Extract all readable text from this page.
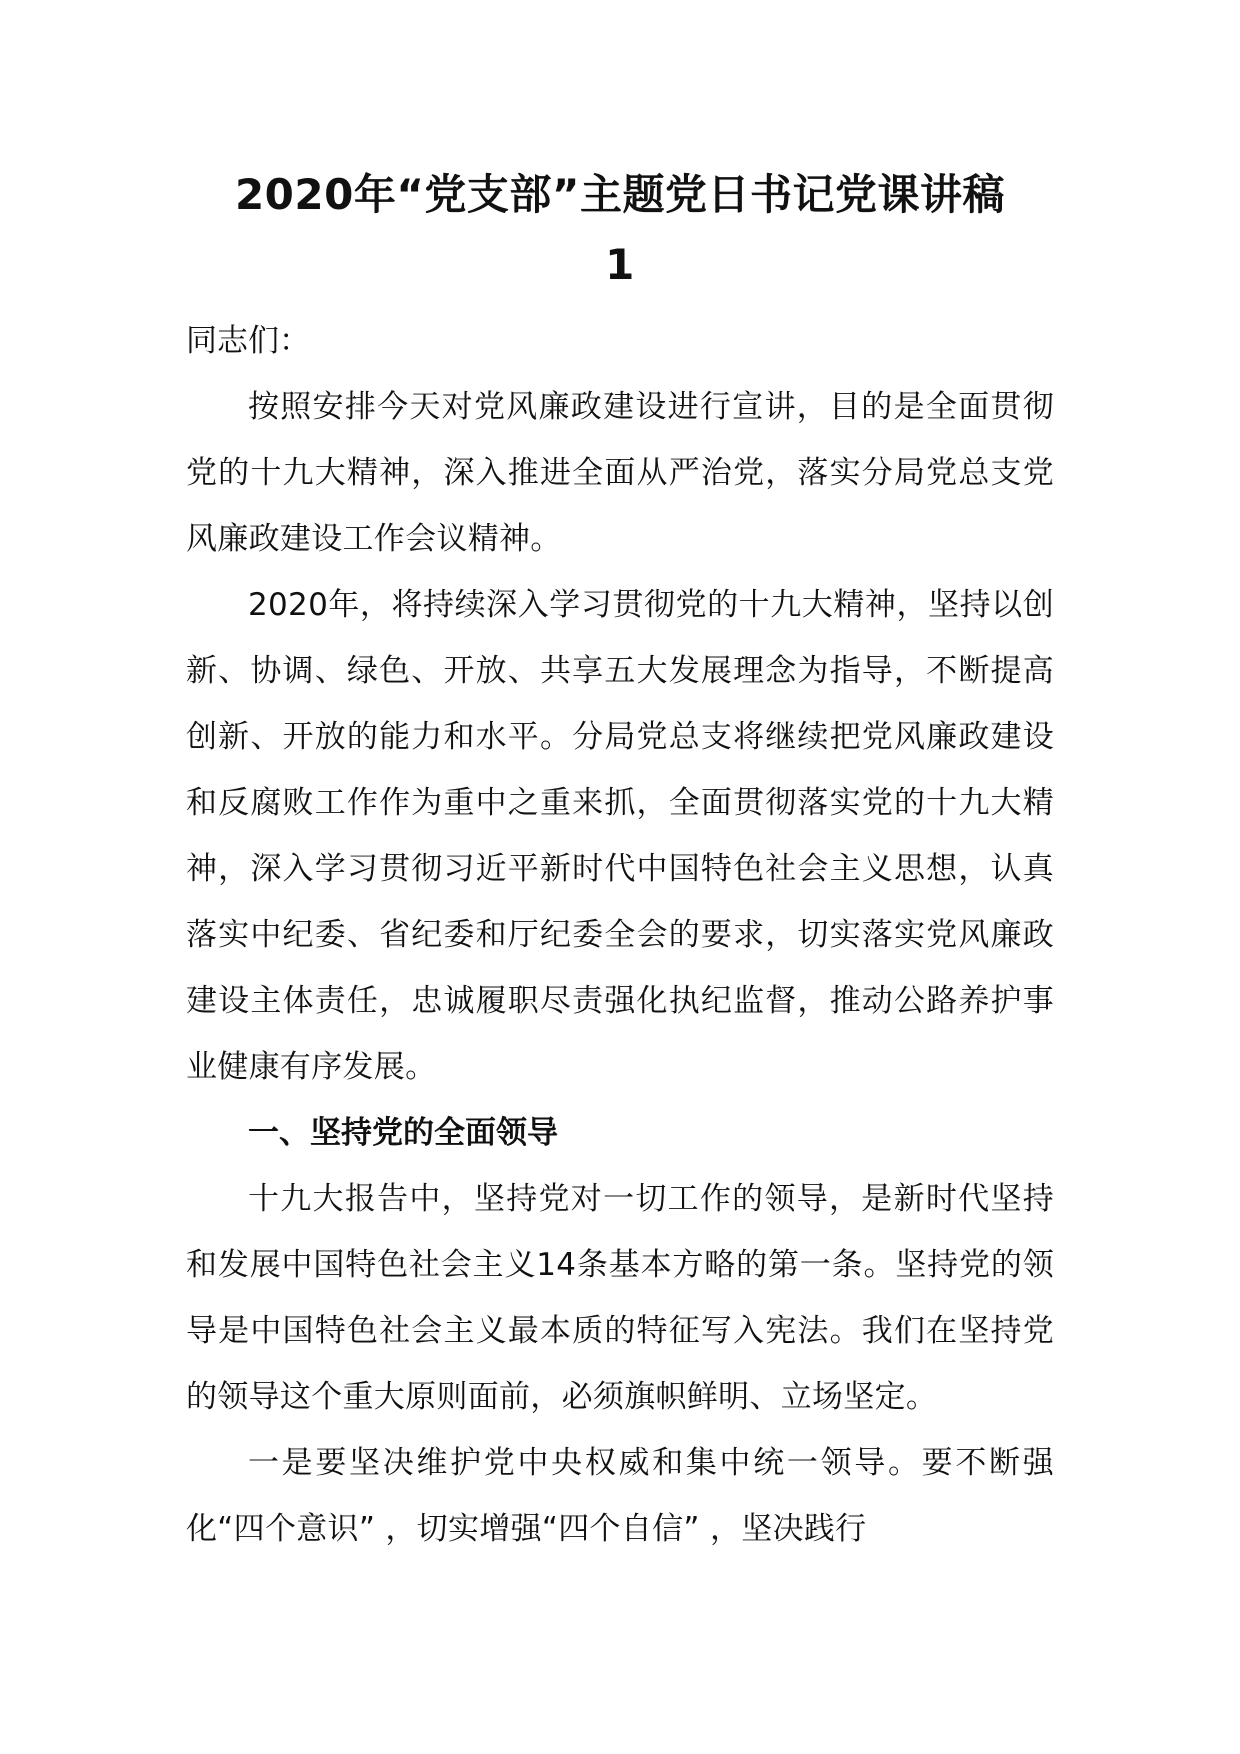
2020年“党支部”主题党日书记党课讲稿
1

同志们：

按照安排今天对党风廉政建设进行宣讲，目的是全面贯彻党的十九大精神，深入推进全面从严治党，落实分局党总支党风廉政建设工作会议精神。

2020年，将持续深入学习贯彻党的十九大精神，坚持以创新、协调、绿色、开放、共享五大发展理念为指导，不断提高创新、开放的能力和水平。分局党总支将继续把党风廉政建设和反腐败工作作为重中之重来抓，全面贯彻落实党的十九大精神，深入学习贯彻习近平新时代中国特色社会主义思想，认真落实中纪委、省纪委和厅纪委全会的要求，切实落实党风廉政建设主体责任，忠诚履职尽责强化执纪监督，推动公路养护事业健康有序发展。

一、坚持党的全面领导

十九大报告中，坚持党对一切工作的领导，是新时代坚持和发展中国特色社会主义14条基本方略的第一条。坚持党的领导是中国特色社会主义最本质的特征写入宪法。我们在坚持党的领导这个重大原则面前，必须旗帜鲜明、立场坚定。

一是要坚决维护党中央权威和集中统一领导。要不断强化“四个意识” ，切实增强“四个自信” ，坚决践行
